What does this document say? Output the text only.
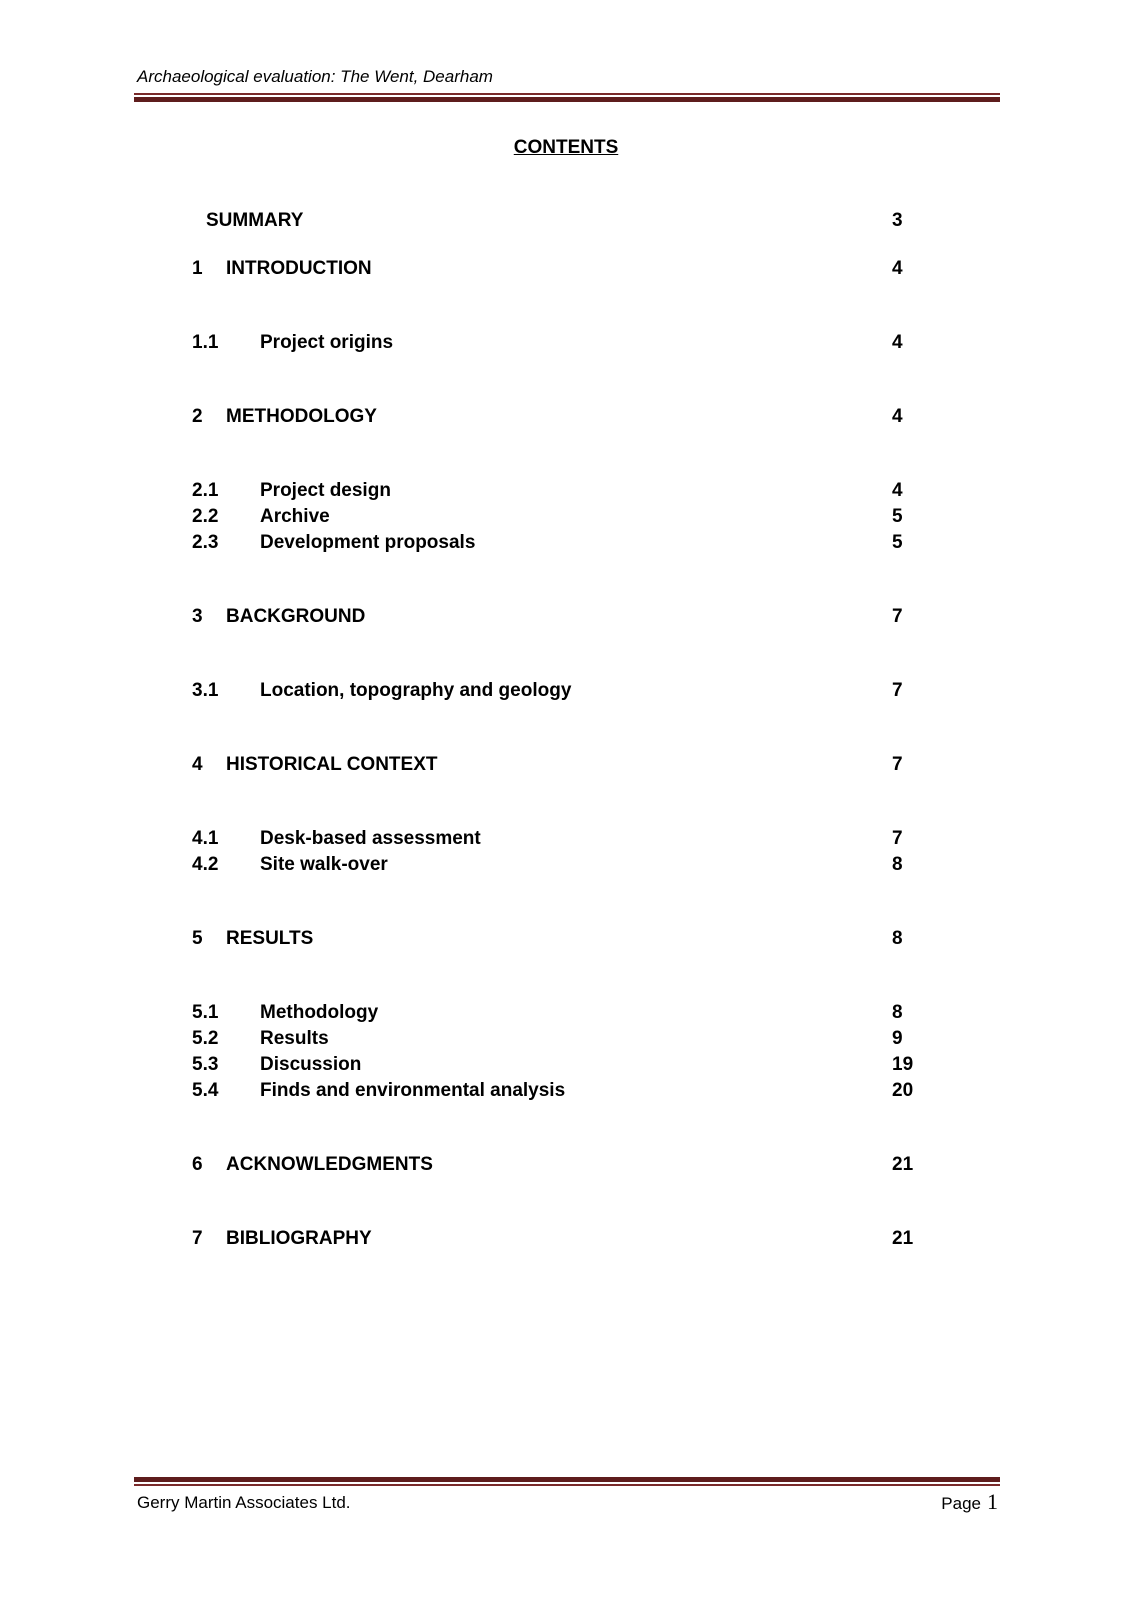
Archaeological evaluation: The Went, Dearham
CONTENTS
SUMMARY	3
1 INTRODUCTION	4
1.1 Project origins	4
2 METHODOLOGY	4
2.1 Project design	4
2.2 Archive	5
2.3 Development proposals	5
3 BACKGROUND	7
3.1 Location, topography and geology	7
4 HISTORICAL CONTEXT	7
4.1 Desk-based assessment	7
4.2 Site walk-over	8
5 RESULTS	8
5.1 Methodology	8
5.2 Results	9
5.3 Discussion	19
5.4 Finds and environmental analysis	20
6 ACKNOWLEDGMENTS	21
7 BIBLIOGRAPHY	21
Gerry Martin Associates Ltd.	Page 1
